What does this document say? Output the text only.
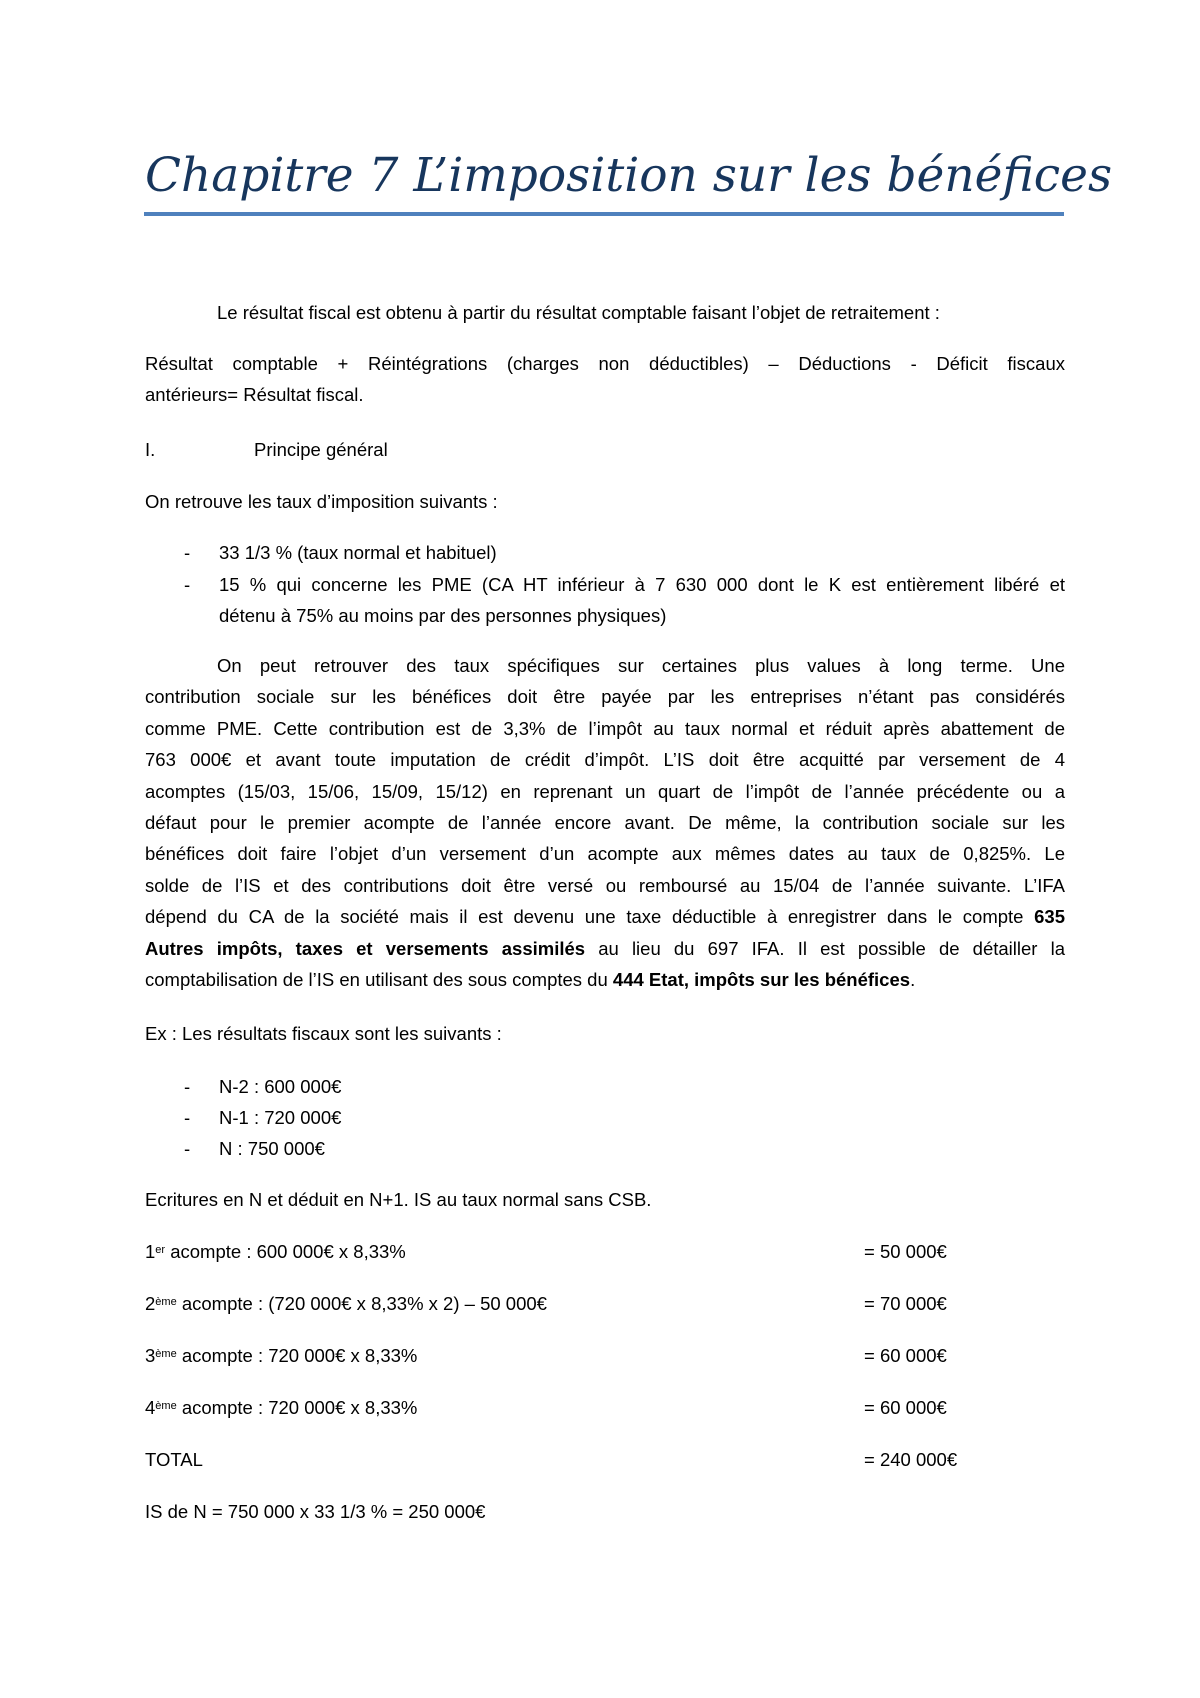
Chapitre 7 L’imposition sur les bénéfices
Le résultat fiscal est obtenu à partir du résultat comptable faisant l’objet de retraitement :
Résultat comptable + Réintégrations (charges non déductibles) – Déductions - Déficit fiscaux
antérieurs= Résultat fiscal.
I.	Principe général
On retrouve les taux d’imposition suivants :
- 33 1/3 % (taux normal et habituel)
- 15 % qui concerne les PME (CA HT inférieur à 7 630 000 dont le K est entièrement libéré et
détenu à 75% au moins par des personnes physiques)
On peut retrouver des taux spécifiques sur certaines plus values à long terme. Une
contribution sociale sur les bénéfices doit être payée par les entreprises n’étant pas considérés
comme PME. Cette contribution est de 3,3% de l’impôt au taux normal et réduit après abattement de
763 000€ et avant toute imputation de crédit d’impôt. L’IS doit être acquitté par versement de 4
acomptes (15/03, 15/06, 15/09, 15/12) en reprenant un quart de l’impôt de l’année précédente ou a
défaut pour le premier acompte de l’année encore avant. De même, la contribution sociale sur les
bénéfices doit faire l’objet d’un versement d’un acompte aux mêmes dates au taux de 0,825%. Le
solde de l’IS et des contributions doit être versé ou remboursé au 15/04 de l’année suivante. L’IFA
dépend du CA de la société mais il est devenu une taxe déductible à enregistrer dans le compte 635
Autres impôts, taxes et versements assimilés au lieu du 697 IFA. Il est possible de détailler la
comptabilisation de l’IS en utilisant des sous comptes du 444 Etat, impôts sur les bénéfices.
Ex : Les résultats fiscaux sont les suivants :
- N-2 : 600 000€
- N-1 : 720 000€
- N : 750 000€
Ecritures en N et déduit en N+1. IS au taux normal sans CSB.
1er acompte : 600 000€ x 8,33%	= 50 000€
2ème acompte : (720 000€ x 8,33% x 2) – 50 000€	= 70 000€
3ème acompte : 720 000€ x 8,33%	= 60 000€
4ème acompte : 720 000€ x 8,33%	= 60 000€
TOTAL	= 240 000€
IS de N = 750 000 x 33 1/3 % = 250 000€
